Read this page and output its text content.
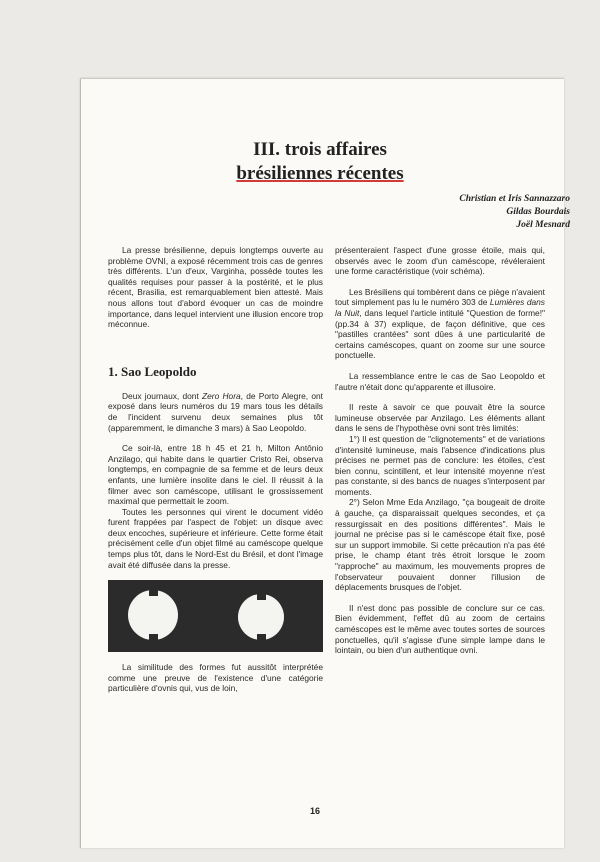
III. trois affaires
brésiliennes récentes
Christian et Iris Sannazzaro
Gildas Bourdais
Joël Mesnard

La presse brésilienne, depuis longtemps ouverte au problème OVNI, a exposé récemment trois cas de genres très différents. L'un d'eux, Varginha, possède toutes les qualités requises pour passer à la postérité, et le plus récent, Brasilia, est remarquablement bien attesté. Mais nous allons tout d'abord évoquer un cas de moindre importance, dans lequel intervient une illusion encore trop méconnue.

1. Sao Leopoldo

Deux journaux, dont Zero Hora, de Porto Alegre, ont exposé dans leurs numéros du 19 mars tous les détails de l'incident survenu deux semaines plus tôt (apparemment, le dimanche 3 mars) à Sao Leopoldo.

Ce soir-là, entre 18 h 45 et 21 h, Milton Antônio Anzilago, qui habite dans le quartier Cristo Rei, observa longtemps, en compagnie de sa femme et de leurs deux enfants, une lumière insolite dans le ciel. Il réussit à la filmer avec son caméscope, utilisant le grossissement maximal que permettait le zoom.

Toutes les personnes qui virent le document vidéo furent frappées par l'aspect de l'objet: un disque avec deux encoches, supérieure et inférieure. Cette forme était précisément celle d'un objet filmé au caméscope quelque temps plus tôt, dans le Nord-Est du Brésil, et dont l'image avait été diffusée dans la presse.

La similitude des formes fut aussitôt interprétée comme une preuve de l'existence d'une catégorie particulière d'ovnis qui, vus de loin,

présenteraient l'aspect d'une grosse étoile, mais qui, observés avec le zoom d'un caméscope, révéleraient une forme caractéristique (voir schéma).

Les Brésiliens qui tombèrent dans ce piège n'avaient tout simplement pas lu le numéro 303 de Lumières dans la Nuit, dans lequel l'article intitulé "Question de forme!" (pp.34 à 37) explique, de façon définitive, que ces "pastilles crantées" sont dûes à une particularité de certains caméscopes, quant on zoome sur une source ponctuelle.

La ressemblance entre le cas de Sao Leopoldo et l'autre n'était donc qu'apparente et illusoire.

Il reste à savoir ce que pouvait être la source lumineuse observée par Anzilago. Les éléments allant dans le sens de l'hypothèse ovni sont très limités:

1°) Il est question de "clignotements" et de variations d'intensité lumineuse, mais l'absence d'indications plus précises ne permet pas de conclure: les étoiles, c'est bien connu, scintillent, et leur intensité moyenne n'est pas constante, si des bancs de nuages s'interposent par moments.

2°) Selon Mme Eda Anzilago, "ça bougeait de droite à gauche, ça disparaissait quelques secondes, et ça ressurgissait en des positions différentes". Mais le journal ne précise pas si le caméscope était fixe, posé sur un support immobile. Si cette précaution n'a pas été prise, le champ étant très étroit lorsque le zoom "rapproche" au maximum, les mouvements propres de l'observateur pouvaient donner l'illusion de déplacements brusques de l'objet.

Il n'est donc pas possible de conclure sur ce cas. Bien évidemment, l'effet dû au zoom de certains caméscopes est le même avec toutes sortes de sources ponctuelles, qu'il s'agisse d'une simple lampe dans le lointain, ou bien d'un authentique ovni.

16
